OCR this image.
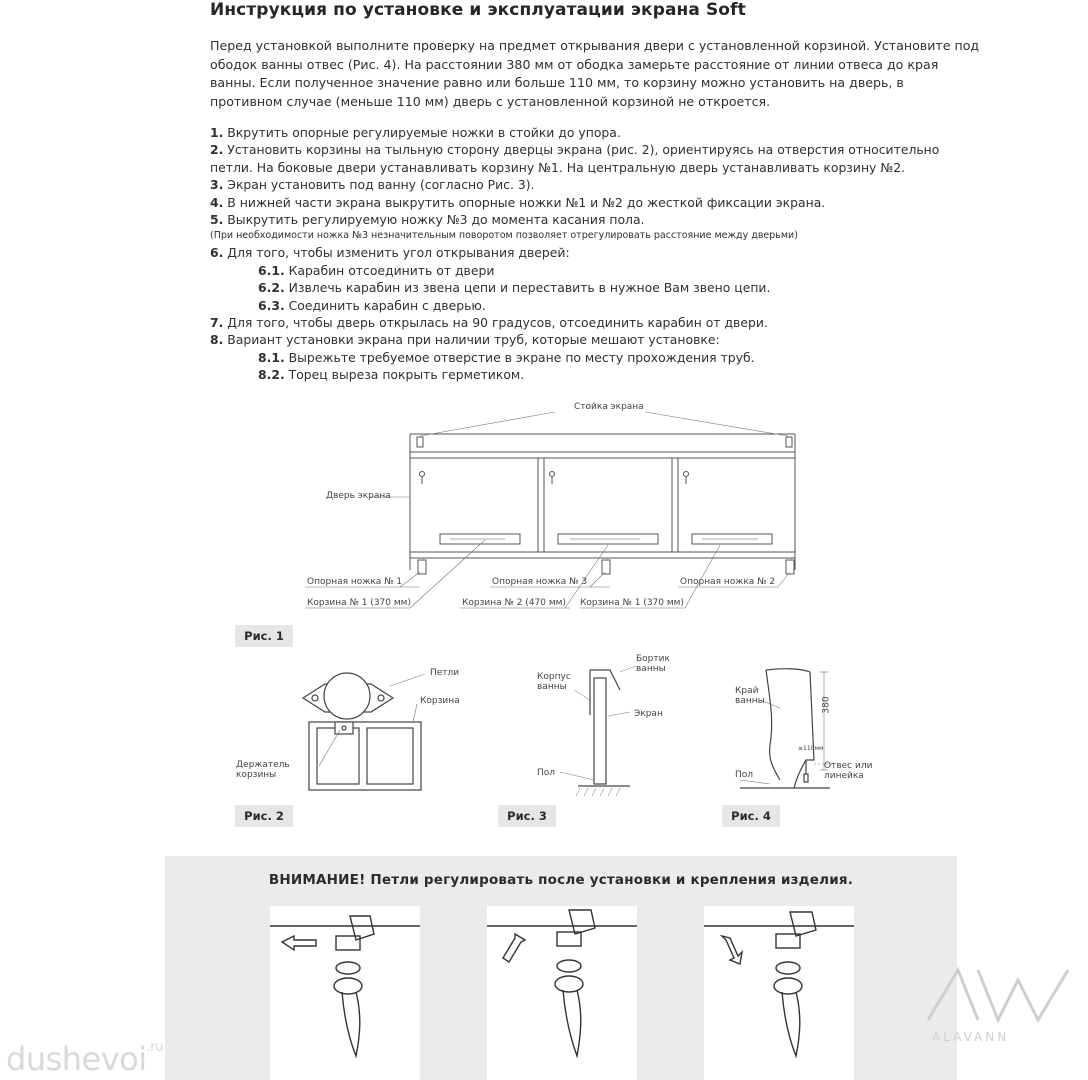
Инструкция по установке и эксплуатации экрана Soft
Перед установкой выполните проверку на предмет открывания двери с установленной корзиной. Установите под ободок ванны отвес (Рис. 4). На расстоянии 380 мм от ободка замерьте расстояние от линии отвеса до края ванны. Если полученное значение равно или больше 110 мм, то корзину можно установить на дверь, в противном случае (меньше 110 мм) дверь с установленной корзиной не откроется.
1. Вкрутить опорные регулируемые ножки в стойки до упора.
2. Установить корзины на тыльную сторону дверцы экрана (рис. 2), ориентируясь на отверстия относительно
петли. На боковые двери устанавливать корзину №1. На центральную дверь устанавливать корзину №2.
3. Экран установить под ванну (согласно Рис. 3).
4. В нижней части экрана выкрутить опорные ножки №1 и №2 до жесткой фиксации экрана.
5. Выкрутить регулируемую ножку №3 до момента касания пола.
(При необходимости ножка №3 незначительным поворотом позволяет отрегулировать расстояние между дверьми)
6. Для того, чтобы изменить угол открывания дверей:
6.1. Карабин отсоединить от двери
6.2. Извлечь карабин из звена цепи и переставить в нужное Вам звено цепи.
6.3. Соединить карабин с дверью.
7. Для того, чтобы дверь открылась на 90 градусов, отсоединить карабин от двери.
8. Вариант установки экрана при наличии труб, которые мешают установке:
8.1. Вырежьте требуемое отверстие в экране по месту прохождения труб.
8.2. Торец выреза покрыть герметиком.
Стойка экрана
Дверь экрана
Опорная ножка № 1	Опорная ножка № 3	Опорная ножка № 2
Корзина № 1 (370 мм)	Корзина № 2 (470 мм) Корзина № 1 (370 мм)
Рис. 1
Петли
Корзина
Держатель корзины
Рис. 2
Корпус ванны
Бортик ванны
Экран
Пол
Рис. 3
Край ванны	380
≥110мм
Отвес или линейка
Пол
Рис. 4
ВНИМАНИЕ! Петли регулировать после установки и крепления изделия.
ALAVANN
dushevoi$^{.ru}$
